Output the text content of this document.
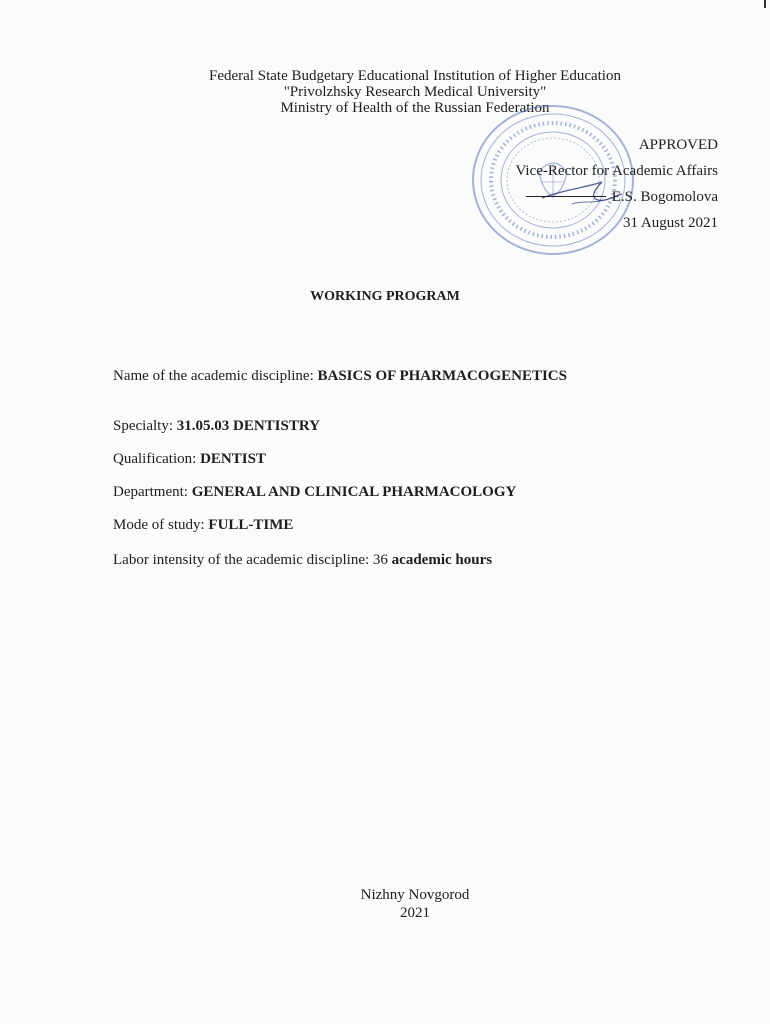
Federal State Budgetary Educational Institution of Higher Education
"Privolzhsky Research Medical University"
Ministry of Health of the Russian Federation
APPROVED
Vice-Rector for Academic Affairs
E.S. Bogomolova
31 August 2021
WORKING PROGRAM
Name of the academic discipline: BASICS OF PHARMACOGENETICS
Specialty: 31.05.03 DENTISTRY
Qualification: DENTIST
Department: GENERAL AND CLINICAL PHARMACOLOGY
Mode of study: FULL-TIME
Labor intensity of the academic discipline: 36 academic hours
Nizhny Novgorod
2021
